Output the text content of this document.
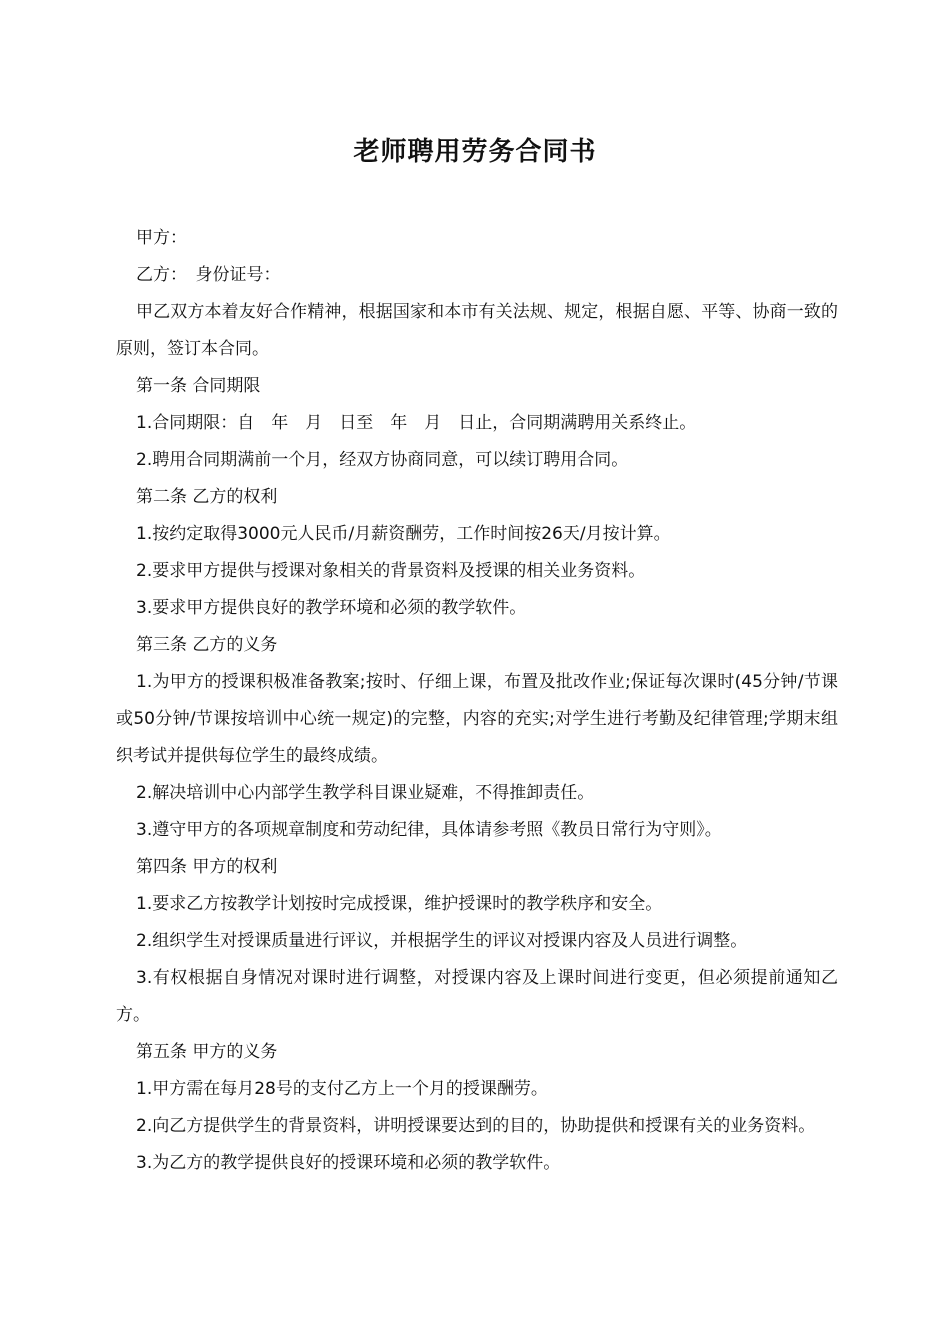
老师聘用劳务合同书

甲方：

乙方：　身份证号：

甲乙双方本着友好合作精神，根据国家和本市有关法规、规定，根据自愿、平等、协商一致的原则，签订本合同。

第一条 合同期限

1.合同期限：自　年　月　日至　年　月　日止，合同期满聘用关系终止。

2.聘用合同期满前一个月，经双方协商同意，可以续订聘用合同。

第二条 乙方的权利

1.按约定取得3000元人民币/月薪资酬劳，工作时间按26天/月按计算。

2.要求甲方提供与授课对象相关的背景资料及授课的相关业务资料。

3.要求甲方提供良好的教学环境和必须的教学软件。

第三条 乙方的义务

1.为甲方的授课积极准备教案;按时、仔细上课，布置及批改作业;保证每次课时(45分钟/节课或50分钟/节课按培训中心统一规定)的完整，内容的充实;对学生进行考勤及纪律管理;学期末组织考试并提供每位学生的最终成绩。

2.解决培训中心内部学生教学科目课业疑难，不得推卸责任。

3.遵守甲方的各项规章制度和劳动纪律，具体请参考照《教员日常行为守则》。

第四条 甲方的权利

1.要求乙方按教学计划按时完成授课，维护授课时的教学秩序和安全。

2.组织学生对授课质量进行评议，并根据学生的评议对授课内容及人员进行调整。

3.有权根据自身情况对课时进行调整，对授课内容及上课时间进行变更，但必须提前通知乙方。

第五条 甲方的义务

1.甲方需在每月28号的支付乙方上一个月的授课酬劳。

2.向乙方提供学生的背景资料，讲明授课要达到的目的，协助提供和授课有关的业务资料。

3.为乙方的教学提供良好的授课环境和必须的教学软件。
